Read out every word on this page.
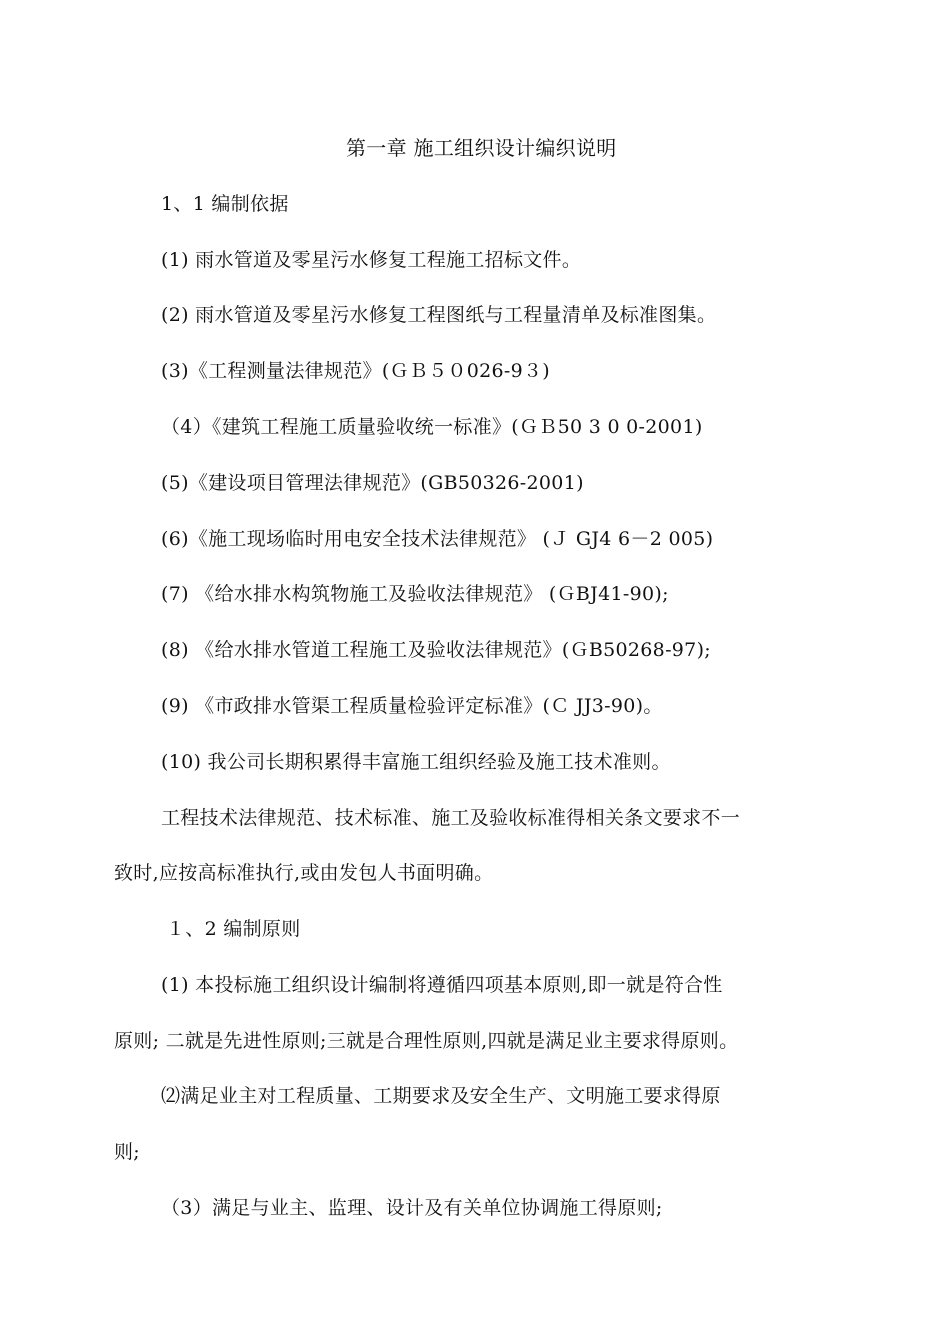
第一章 施工组织设计编织说明
1、1 编制依据
(1) 雨水管道及零星污水修复工程施工招标文件。
(2) 雨水管道及零星污水修复工程图纸与工程量清单及标准图集。
(3)《工程测量法律规范》(ＧＢ５０026-9３)
（4）《建筑工程施工质量验收统一标准》(ＧＢ50 3 0 0-2001)
(5)《建设项目管理法律规范》(GB50326-2001)
(6)《施工现场临时用电安全技术法律规范》 (Ｊ GJ4 6－2 005)
(7) 《给水排水构筑物施工及验收法律规范》 (ＧBJ41-90);
(8) 《给水排水管道工程施工及验收法律规范》(ＧB50268-97);
(9) 《市政排水管渠工程质量检验评定标准》(Ｃ JJ3-90)。
(10) 我公司长期积累得丰富施工组织经验及施工技术准则。
工程技术法律规范、技术标准、施工及验收标准得相关条文要求不一
致时,应按高标准执行,或由发包人书面明确。
１、2 编制原则
(1) 本投标施工组织设计编制将遵循四项基本原则,即一就是符合性
原则; 二就是先进性原则;三就是合理性原则,四就是满足业主要求得原则。
⑵满足业主对工程质量、工期要求及安全生产、文明施工要求得原
则;
（3）满足与业主、监理、设计及有关单位协调施工得原则;
